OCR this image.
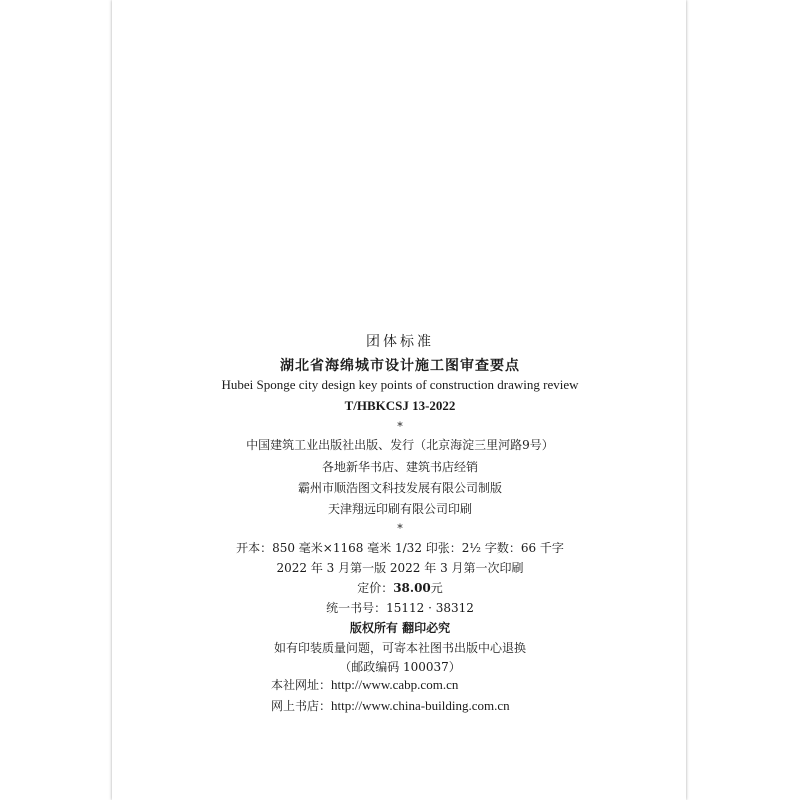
团体标准
湖北省海绵城市设计施工图审查要点
Hubei Sponge city design key points of construction drawing review
T/HBKCSJ 13-2022
*
中国建筑工业出版社出版、发行（北京海淀三里河路9号）
各地新华书店、建筑书店经销
霸州市顺浩图文科技发展有限公司制版
天津翔远印刷有限公司印刷
*
开本：850 毫米×1168 毫米 1/32 印张：2½ 字数：66 千字
2022 年 3 月第一版 2022 年 3 月第一次印刷
定价：38.00元
统一书号：15112 · 38312
版权所有 翻印必究
如有印装质量问题，可寄本社图书出版中心退换
（邮政编码 100037）
本社网址：http://www.cabp.com.cn
网上书店：http://www.china-building.com.cn
